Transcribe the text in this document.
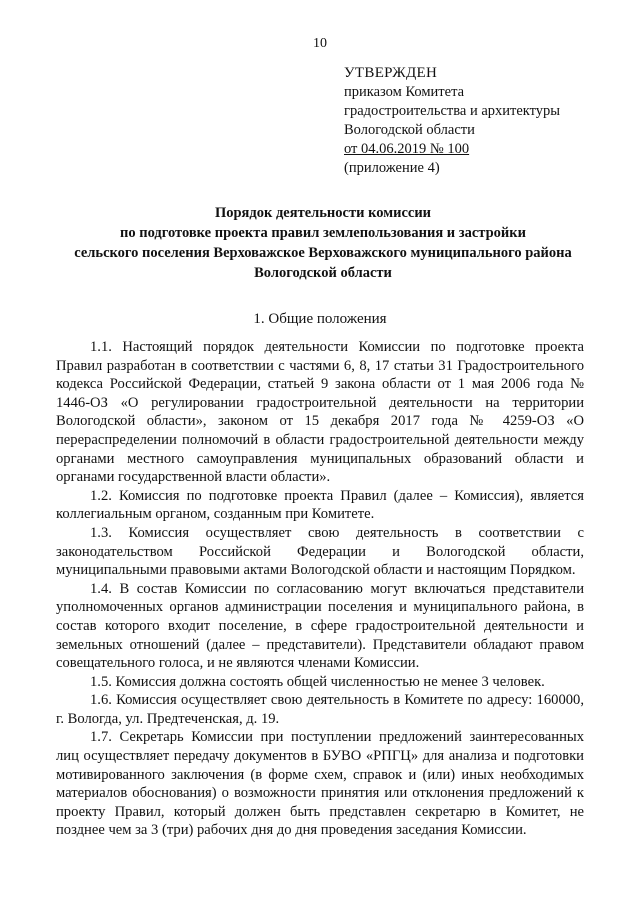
10
УТВЕРЖДЕН
приказом Комитета
градостроительства и архитектуры
Вологодской области
от 04.06.2019 № 100
(приложение 4)
Порядок деятельности комиссии
по подготовке проекта правил землепользования и застройки
сельского поселения Верховажское Верховажского муниципального района
Вологодской области
1. Общие положения

1.1. Настоящий порядок деятельности Комиссии по подготовке проекта Правил разработан в соответствии с частями 6, 8, 17 статьи 31 Градостроительного кодекса Российской Федерации, статьей 9 закона области от 1 мая 2006 года № 1446-ОЗ «О регулировании градостроительной деятельности на территории Вологодской области», законом от 15 декабря 2017 года № 4259-ОЗ «О перераспределении полномочий в области градостроительной деятельности между органами местного самоуправления муниципальных образований области и органами государственной власти области».

1.2. Комиссия по подготовке проекта Правил (далее – Комиссия), является коллегиальным органом, созданным при Комитете.

1.3. Комиссия осуществляет свою деятельность в соответствии с законодательством Российской Федерации и Вологодской области, муниципальными правовыми актами Вологодской области и настоящим Порядком.

1.4. В состав Комиссии по согласованию могут включаться представители уполномоченных органов администрации поселения и муниципального района, в состав которого входит поселение, в сфере градостроительной деятельности и земельных отношений (далее – представители). Представители обладают правом совещательного голоса, и не являются членами Комиссии.

1.5. Комиссия должна состоять общей численностью не менее 3 человек.

1.6. Комиссия осуществляет свою деятельность в Комитете по адресу: 160000, г. Вологда, ул. Предтеченская, д. 19.

1.7. Секретарь Комиссии при поступлении предложений заинтересованных лиц осуществляет передачу документов в БУВО «РПГЦ» для анализа и подготовки мотивированного заключения (в форме схем, справок и (или) иных необходимых материалов обоснования) о возможности принятия или отклонения предложений к проекту Правил, который должен быть представлен секретарю в Комитет, не позднее чем за 3 (три) рабочих дня до дня проведения заседания Комиссии.
